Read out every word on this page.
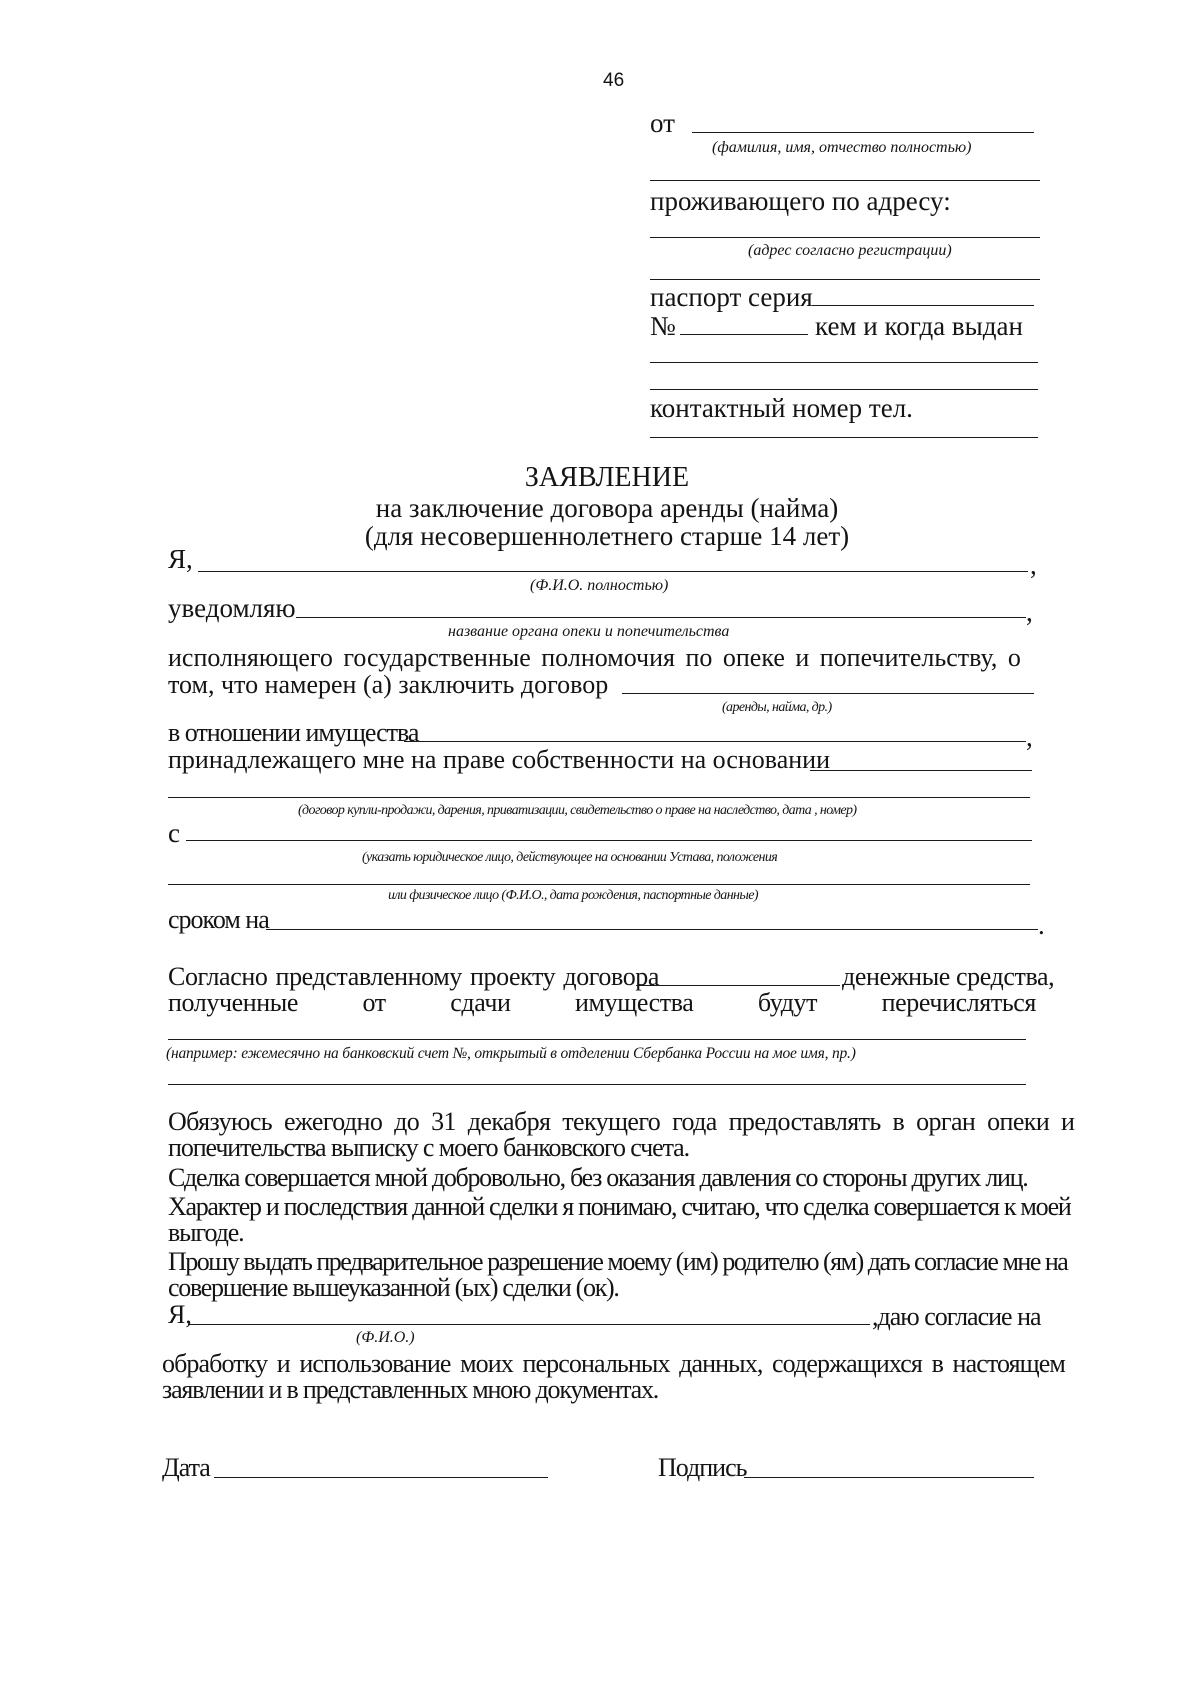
46
от
(фамилия, имя, отчество полностью)
проживающего по адресу:
(адрес согласно регистрации)
паспорт серия
№	кем и когда выдан
контактный номер тел.
ЗАЯВЛЕНИЕ
на заключение договора аренды (найма)
(для несовершеннолетнего старше 14 лет)
Я,	,
(Ф.И.О. полностью)
уведомляю	,
название органа опеки и попечительства
исполняющего государственные полномочия по опеке и попечительству, о
том, что намерен (а) заключить договор
(аренды, найма, др.)
в отношении имущества	,
принадлежащего мне на праве собственности на основании
(договор купли-продажи, дарения, приватизации, свидетельство о праве на наследство, дата , номер)
с
(указать юридическое лицо, действующее на основании Устава, положения
или физическое лицо (Ф.И.О., дата рождения, паспортные данные)
сроком на	.
Согласно представленному проекту договора	денежные средства,
полученные от сдачи имущества будут перечисляться
(например: ежемесячно на банковский счет №, открытый в отделении Сбербанка России на мое имя, пр.)
Обязуюсь ежегодно до 31 декабря текущего года предоставлять в орган опеки и
попечительства выписку с моего банковского счета.
Сделка совершается мной добровольно, без оказания давления со стороны других лиц.
Характер и последствия данной сделки я понимаю, считаю, что сделка совершается к моей
выгоде.
Прошу выдать предварительное разрешение моему (им) родителю (ям) дать согласие мне на
совершение вышеуказанной (ых) сделки (ок).
Я,	,даю согласие на
(Ф.И.О.)
обработку и использование моих персональных данных, содержащихся в настоящем
заявлении и в представленных мною документах.
Дата	Подпись
